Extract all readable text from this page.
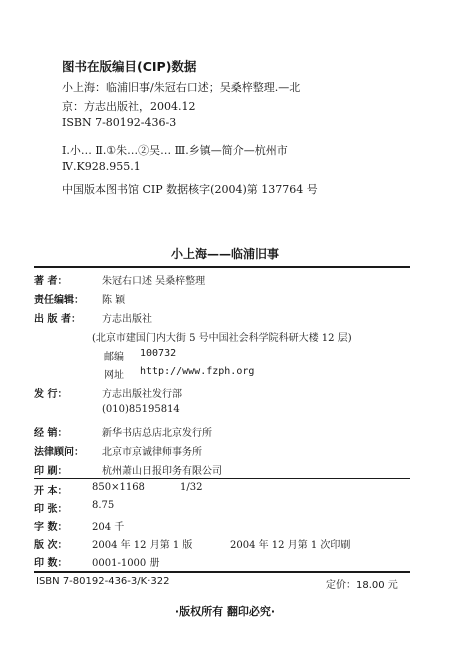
图书在版编目(CIP)数据
小上海：临浦旧事/朱冠右口述；吴桑梓整理.—北
京：方志出版社，2004.12
ISBN 7-80192-436-3
Ⅰ.小… Ⅱ.①朱…②吴… Ⅲ.乡镇—简介—杭州市
Ⅳ.K928.955.1
中国版本图书馆 CIP 数据核字(2004)第 137764 号
小上海——临浦旧事
著 者：	朱冠右口述 吴桑梓整理
责任编辑： 陈 颖
出 版 者： 方志出版社
(北京市建国门内大街 5 号中国社会科学院科研大楼 12 层)
邮编 100732
网址 http://www.fzph.org
发 行：	方志出版社发行部
(010)85195814
经 销：	新华书店总店北京发行所
法律顾问： 北京市京诚律师事务所
印 刷：	杭州萧山日报印务有限公司
开 本： 850×1168	1/32
印 张： 8.75
字 数： 204 千
版 次： 2004 年 12 月第 1 版	2004 年 12 月第 1 次印刷
印 数： 0001-1000 册
ISBN 7-80192-436-3/K·322	定价：18.00 元
·版权所有 翻印必究·
